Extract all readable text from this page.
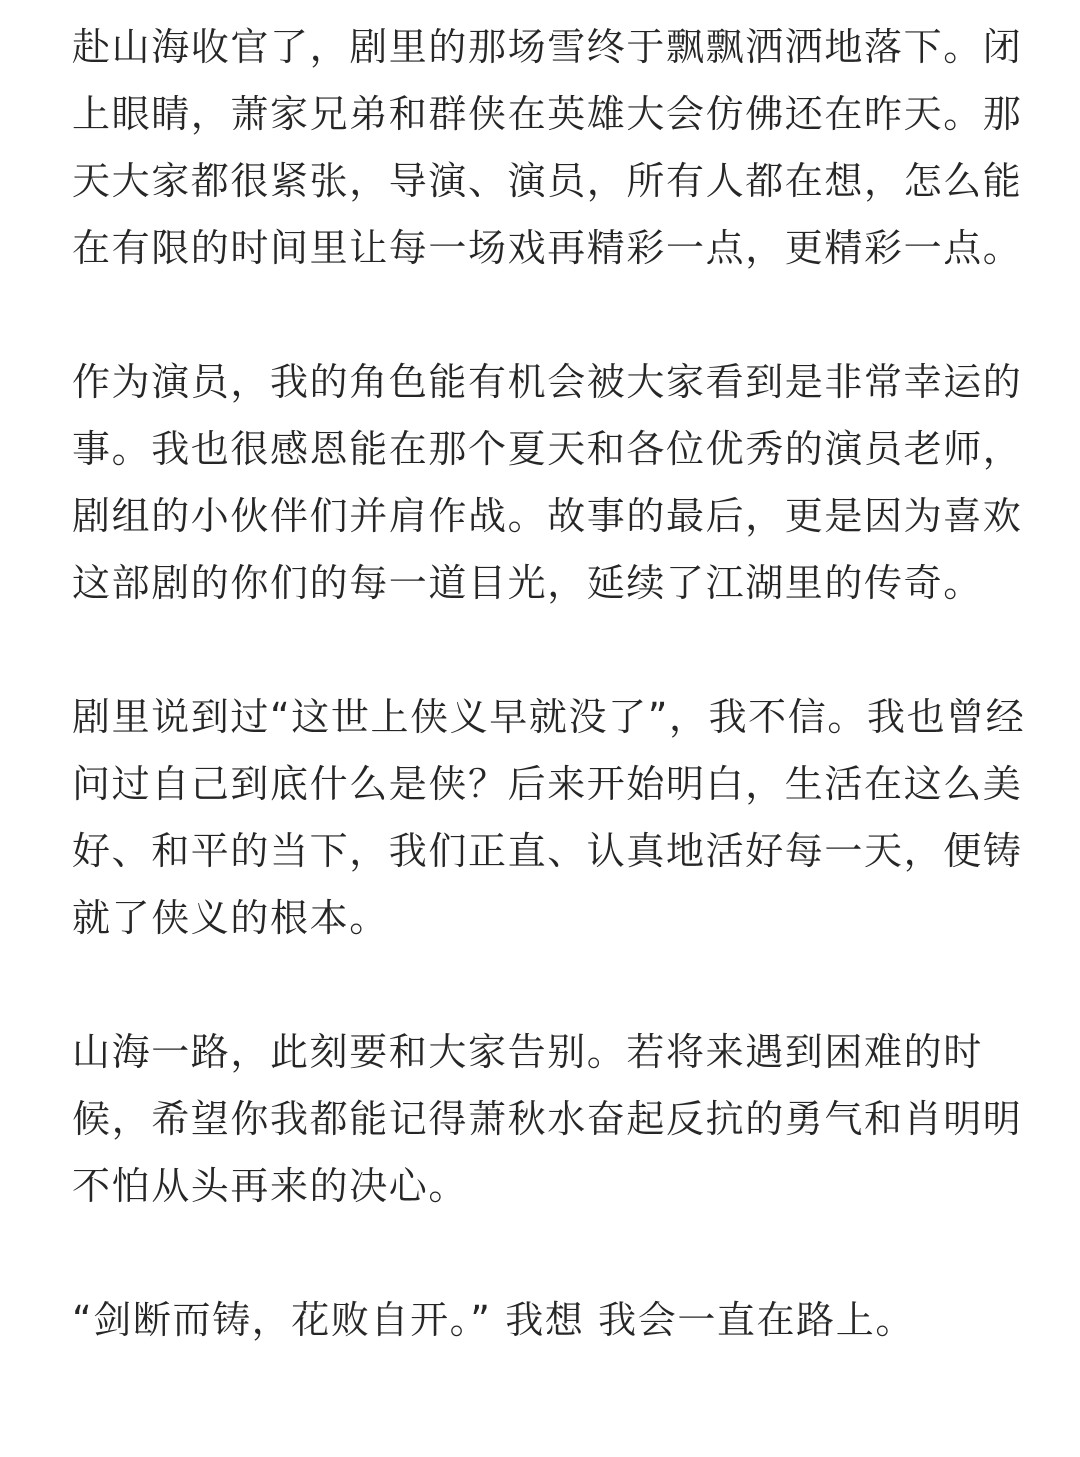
赴山海收官了，剧里的那场雪终于飘飘洒洒地落下。闭上眼睛，萧家兄弟和群侠在英雄大会仿佛还在昨天。那天大家都很紧张，导演、演员，所有人都在想，怎么能在有限的时间里让每一场戏再精彩一点，更精彩一点。

作为演员，我的角色能有机会被大家看到是非常幸运的事。我也很感恩能在那个夏天和各位优秀的演员老师，剧组的小伙伴们并肩作战。故事的最后，更是因为喜欢这部剧的你们的每一道目光，延续了江湖里的传奇。

剧里说到过“这世上侠义早就没了”，我不信。我也曾经问过自己到底什么是侠？后来开始明白，生活在这么美好、和平的当下，我们正直、认真地活好每一天，便铸就了侠义的根本。

山海一路，此刻要和大家告别。若将来遇到困难的时候，希望你我都能记得萧秋水奋起反抗的勇气和肖明明不怕从头再来的决心。

“剑断而铸，花败自开。” 我想 我会一直在路上。
